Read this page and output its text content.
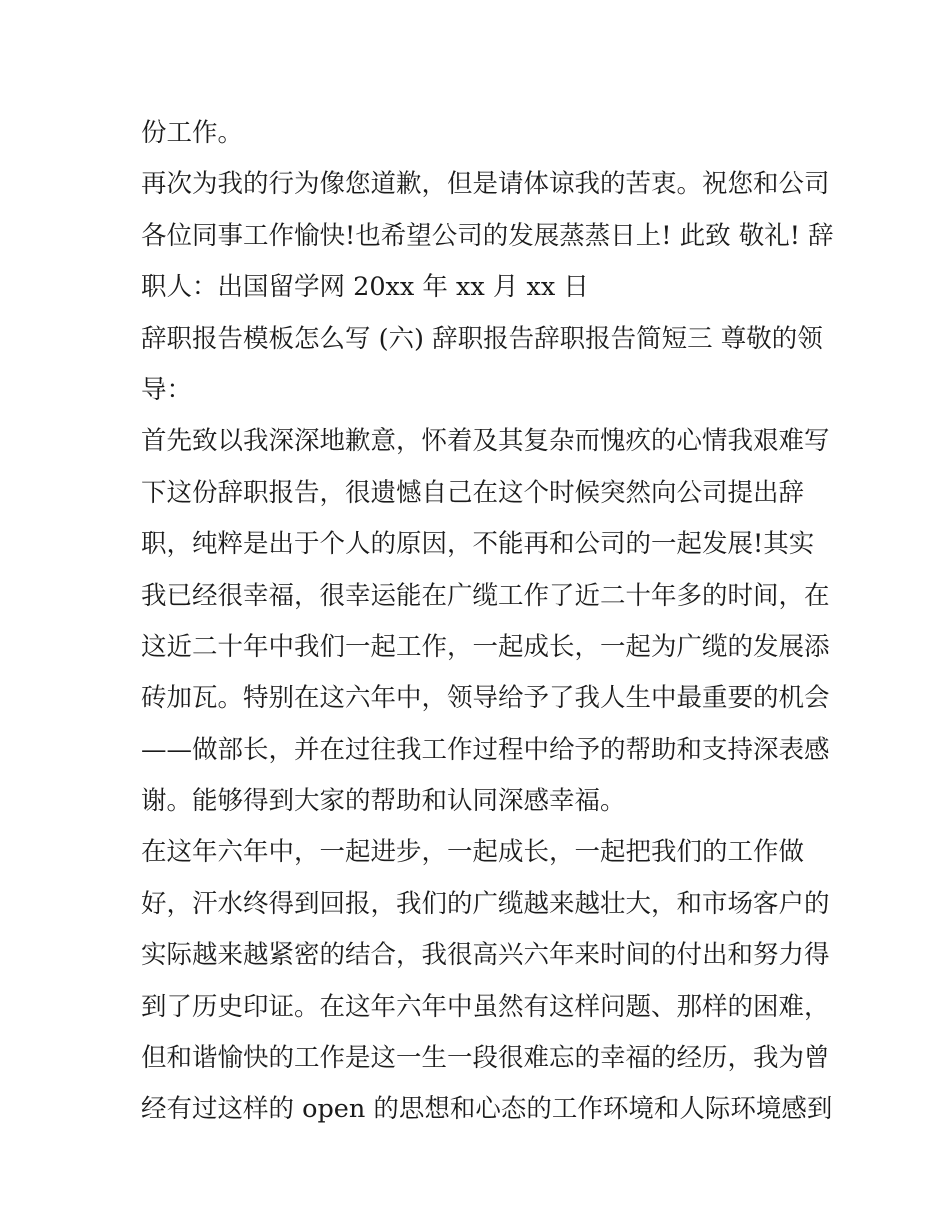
份工作。
再次为我的行为像您道歉，但是请体谅我的苦衷。祝您和公司
各位同事工作愉快!也希望公司的发展蒸蒸日上! 此致 敬礼! 辞
职人：出国留学网 20xx 年 xx 月 xx 日
辞职报告模板怎么写 (六) 辞职报告辞职报告简短三 尊敬的领
导：
首先致以我深深地歉意，怀着及其复杂而愧疚的心情我艰难写
下这份辞职报告，很遗憾自己在这个时候突然向公司提出辞
职，纯粹是出于个人的原因，不能再和公司的一起发展!其实
我已经很幸福，很幸运能在广缆工作了近二十年多的时间，在
这近二十年中我们一起工作，一起成长，一起为广缆的发展添
砖加瓦。特别在这六年中，领导给予了我人生中最重要的机会
——做部长，并在过往我工作过程中给予的帮助和支持深表感
谢。能够得到大家的帮助和认同深感幸福。
在这年六年中，一起进步，一起成长，一起把我们的工作做
好，汗水终得到回报，我们的广缆越来越壮大，和市场客户的
实际越来越紧密的结合，我很高兴六年来时间的付出和努力得
到了历史印证。在这年六年中虽然有这样问题、那样的困难，
但和谐愉快的工作是这一生一段很难忘的幸福的经历，我为曾
经有过这样的 open 的思想和心态的工作环境和人际环境感到
